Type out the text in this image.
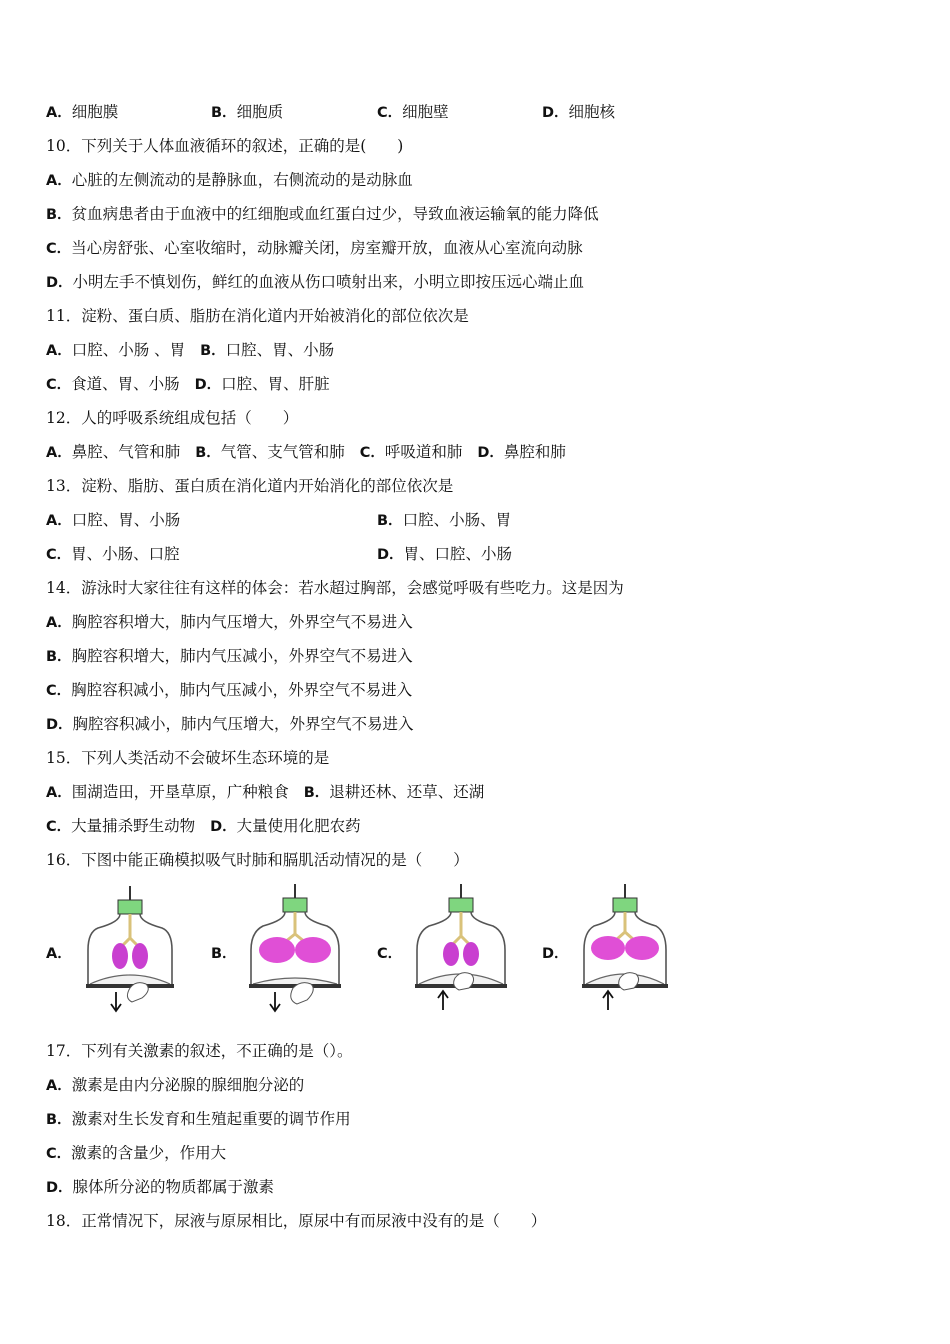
A．细胞膜	B．细胞质	C．细胞壁	D．细胞核
10．下列关于人体血液循环的叙述，正确的是(　　)
A．心脏的左侧流动的是静脉血，右侧流动的是动脉血
B．贫血病患者由于血液中的红细胞或血红蛋白过少，导致血液运输氧的能力降低
C．当心房舒张、心室收缩时，动脉瓣关闭，房室瓣开放，血液从心室流向动脉
D．小明左手不慎划伤，鲜红的血液从伤口喷射出来，小明立即按压远心端止血
11．淀粉、蛋白质、脂肪在消化道内开始被消化的部位依次是
A．口腔、小肠 、胃 B．口腔、胃、小肠
C．食道、胃、小肠 D．口腔、胃、肝脏
12．人的呼吸系统组成包括（　　）
A．鼻腔、气管和肺 B．气管、支气管和肺 C．呼吸道和肺 D．鼻腔和肺
13．淀粉、脂肪、蛋白质在消化道内开始消化的部位依次是
A．口腔、胃、小肠	B．口腔、小肠、胃
C．胃、小肠、口腔	D．胃、口腔、小肠
14．游泳时大家往往有这样的体会：若水超过胸部，会感觉呼吸有些吃力。这是因为
A．胸腔容积增大，肺内气压增大，外界空气不易进入
B．胸腔容积增大，肺内气压减小，外界空气不易进入
C．胸腔容积减小，肺内气压减小，外界空气不易进入
D．胸腔容积减小，肺内气压增大，外界空气不易进入
15．下列人类活动不会破坏生态环境的是
A．围湖造田，开垦草原，广种粮食 B．退耕还林、还草、还湖
C．大量捕杀野生动物 D．大量使用化肥农药
16．下图中能正确模拟吸气时肺和膈肌活动情况的是（　　）
A．	B．	C．	D．
17．下列有关激素的叙述，不正确的是（）。
A．激素是由内分泌腺的腺细胞分泌的
B．激素对生长发育和生殖起重要的调节作用
C．激素的含量少，作用大
D．腺体所分泌的物质都属于激素
18．正常情况下，尿液与原尿相比，原尿中有而尿液中没有的是（　　）
